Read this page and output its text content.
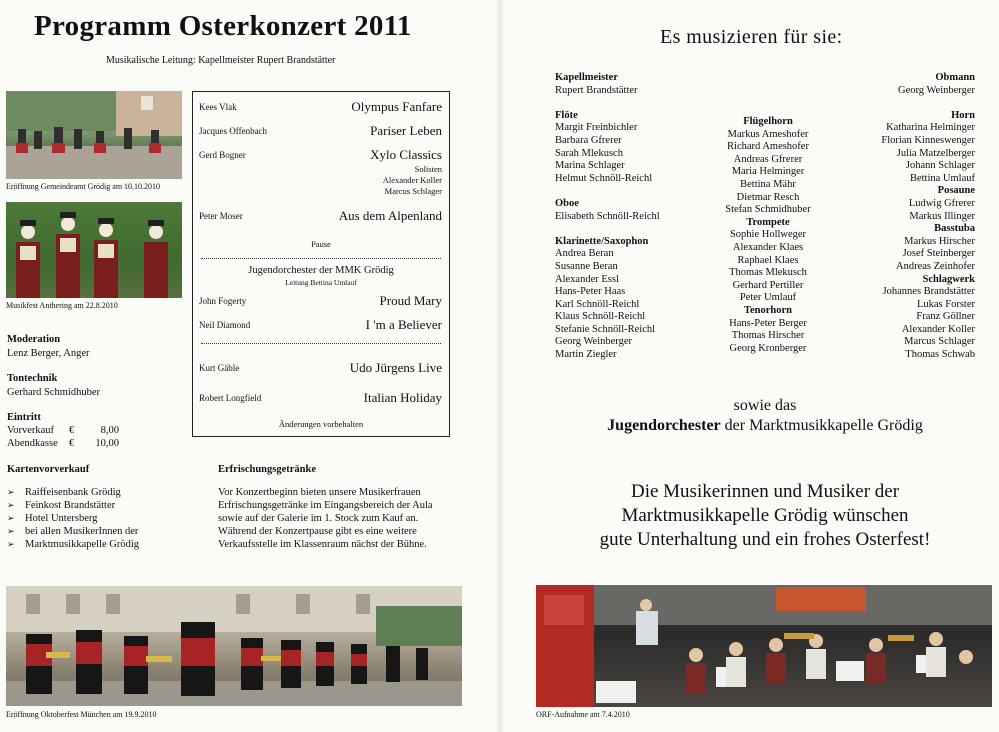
Programm Osterkonzert 2011
Musikalische Leitung: Kapellmeister Rupert Brandstätter
Eröffnung Gemeindeamt Grödig am 10.10.2010
Musikfest Anthering am 22.8.2010
Moderation
Lenz Berger, Anger
Tontechnik
Gerhard Schmidhuber
Eintritt
Vorverkauf €	8,00
Abendkasse € 10,00
Kartenvorverkauf
➢ Raiffeisenbank Grödig
➢ Feinkost Brandstätter
➢ Hotel Untersberg
➢ bei allen MusikerInnen der
➢ Marktmusikkapelle Grödig
Erfrischungsgetränke
Vor Konzertbeginn bieten unsere Musikerfrauen
Erfrischungsgetränke im Eingangsbereich der Aula
sowie auf der Galerie im 1. Stock zum Kauf an.
Während der Konzertpause gibt es eine weitere
Verkaufsstelle im Klassenraum nächst der Bühne.
Kees Vlak	Olympus Fanfare
Jacques Offenbach	Pariser Leben
Gerd Bogner	Xylo Classics
Solisten
Alexander Koller
Marcus Schlager
Peter Moser	Aus dem Alpenland
Pause
Jugendorchester der MMK Grödig
Leitung Bettina Umlauf
John Fogerty	Proud Mary
Neil Diamond	I 'm a Believer
Kurt Gäble	Udo Jürgens Live
Robert Longfield	Italian Holiday
Änderungen vorbehalten
Eröffnung Oktoberfest München am 19.9.2010
Es musizieren für sie:
Kapellmeister
Rupert Brandstätter
Flöte
Margit Freinbichler
Barbara Gfrerer
Sarah Mlekusch
Marina Schlager
Helmut Schnöll-Reichl
Oboe
Elisabeth Schnöll-Reichl
Klarinette/Saxophon
Andrea Beran
Susanne Beran
Alexander Essl
Hans-Peter Haas
Karl Schnöll-Reichl
Klaus Schnöll-Reichl
Stefanie Schnöll-Reichl
Georg Weinberger
Martin Ziegler
Flügelhorn
Markus Ameshofer
Richard Ameshofer
Andreas Gfrerer
Maria Helminger
Bettina Mähr
Dietmar Resch
Stefan Schmidhuber
Trompete
Sophie Hollweger
Alexander Klaes
Raphael Klaes
Thomas Mlekusch
Gerhard Pertiller
Peter Umlauf
Tenorhorn
Hans-Peter Berger
Thomas Hirscher
Georg Kronberger
Obmann
Georg Weinberger
Horn
Katharina Helminger
Florian Kinneswenger
Julia Matzelberger
Johann Schlager
Bettina Umlauf
Posaune
Ludwig Gfrerer
Markus Illinger
Basstuba
Markus Hirscher
Josef Steinberger
Andreas Zeinhofer
Schlagwerk
Johannes Brandstätter
Lukas Forster
Franz Göllner
Alexander Koller
Marcus Schlager
Thomas Schwab
sowie das
Jugendorchester der Marktmusikkapelle Grödig
Die Musikerinnen und Musiker der
Marktmusikkapelle Grödig wünschen
gute Unterhaltung und ein frohes Osterfest!
ORF-Aufnahme am 7.4.2010
